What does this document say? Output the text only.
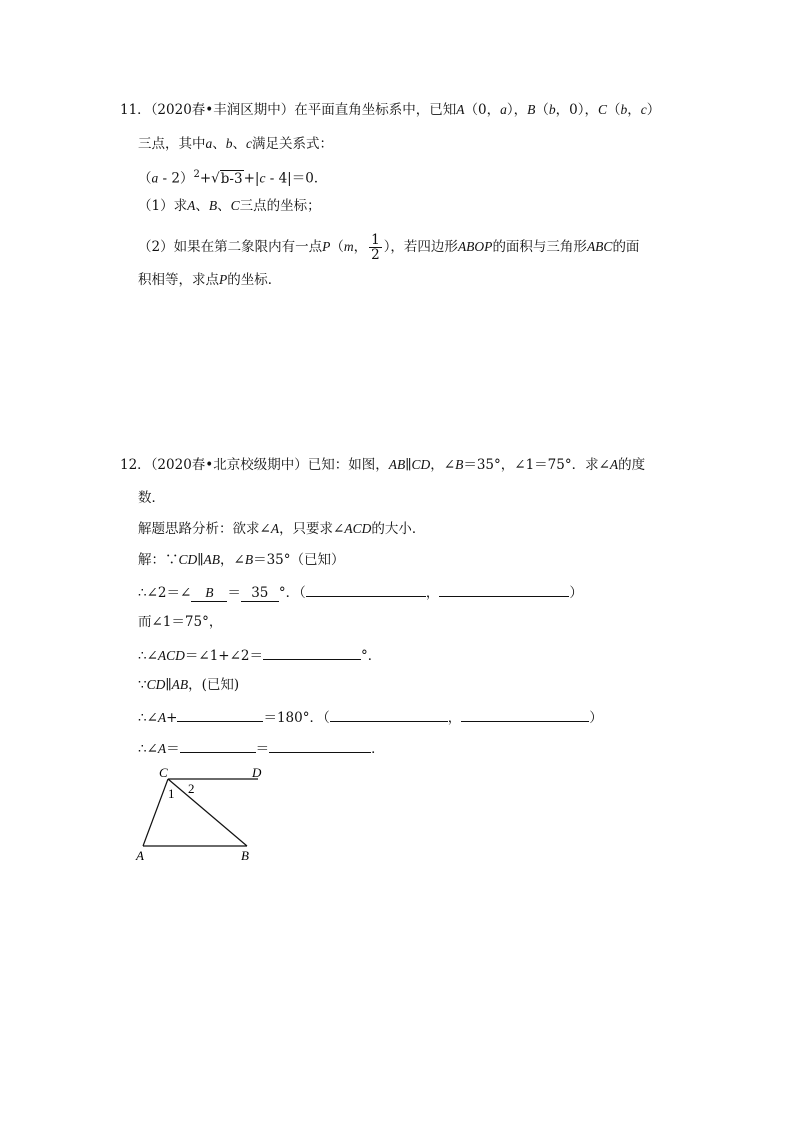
11．（2020春•丰润区期中）在平面直角坐标系中，已知A（0，a），B（b，0），C（b，c）
三点，其中a、b、c满足关系式：
（a - 2）$^2$+√b-3+|c - 4|＝0．
（1）求A、B、C三点的坐标；
（2）如果在第二象限内有一点P（m， $\frac{1}{2}$ ），若四边形ABOP的面积与三角形ABC的面
积相等，求点P的坐标．
12．（2020春•北京校级期中）已知：如图，AB∥CD，∠B＝35°，∠1＝75°．求∠A的度
数．
解题思路分析：欲求∠A，只要求∠ACD的大小．
解：∵CD∥AB，∠B＝35°（已知）
∴∠2＝∠ B ＝ 35 °．（	，	）
而∠1＝75°，
∴∠ACD＝∠1+∠2＝	°．
∵CD∥AB，(已知)
∴∠A+	＝180°．（	，	）
∴∠A＝	＝	．
C	D
A	B
1 2
